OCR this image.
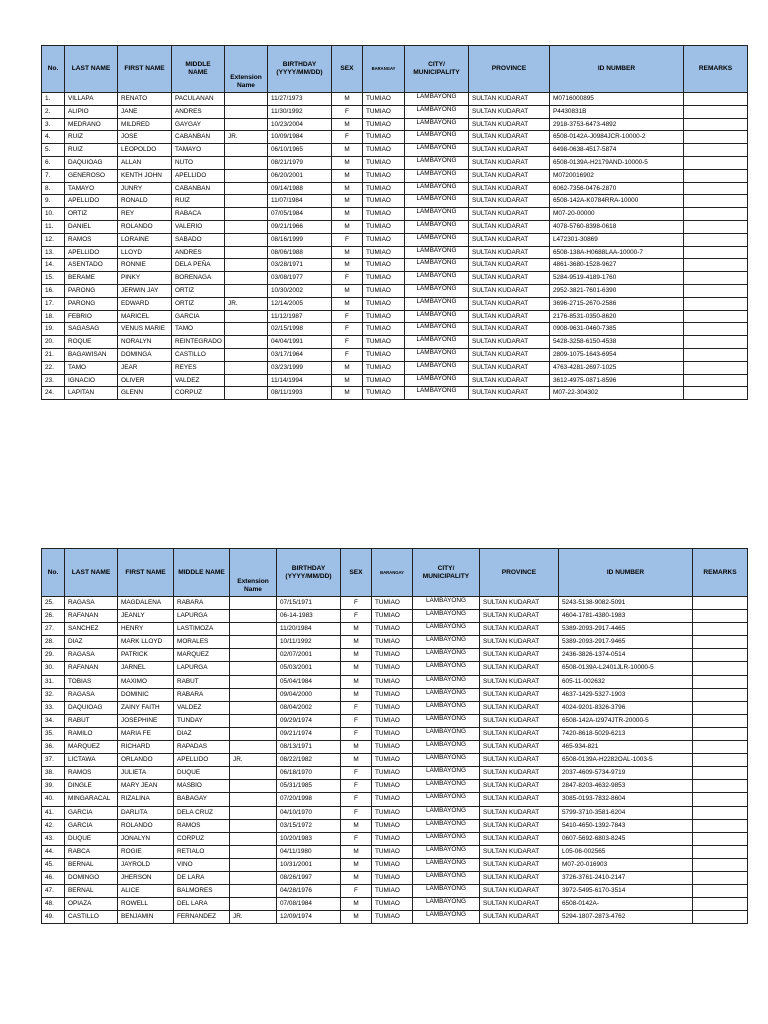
No.	LAST NAME	FIRST NAME	MIDDLE NAME	Extension Name	BIRTHDAY (YYYY/MM/DD)	SEX	BARANGAY	CITY/ MUNICIPALITY	PROVINCE	ID NUMBER	REMARKS
1.	VILLAPA	RENATO	PACULANAN		11/27/1973	M	TUMIAO	LAMBAYONG	SULTAN KUDARAT	M0716000895	
2.	ALIPIO	JANE	ANDRES		11/30/1992	F	TUMIAO	LAMBAYONG	SULTAN KUDARAT	P4430831B	
3.	MEDRANO	MILDRED	GAYGAY		10/23/2004	M	TUMIAO	LAMBAYONG	SULTAN KUDARAT	2918-3753-6473-4892	
4.	RUIZ	JOSE	CABANBAN	JR.	10/09/1984	F	TUMIAO	LAMBAYONG	SULTAN KUDARAT	6508-0142A-J0984JCR-10000-2	
5.	RUIZ	LEOPOLDO	TAMAYO		06/10/1965	M	TUMIAO	LAMBAYONG	SULTAN KUDARAT	6498-0638-4517-5874	
6.	DAQUIOAG	ALLAN	NUTO		08/21/1979	M	TUMIAO	LAMBAYONG	SULTAN KUDARAT	6508-0139A-H2179AND-10000-5	
7.	GENEROSO	KENTH JOHN	APELLIDO		06/20/2001	M	TUMIAO	LAMBAYONG	SULTAN KUDARAT	M0720016902	
8.	TAMAYO	JUNRY	CABANBAN		09/14/1988	M	TUMIAO	LAMBAYONG	SULTAN KUDARAT	6062-7356-0476-2870	
9.	APELLIDO	RONALD	RUIZ		11/07/1984	M	TUMIAO	LAMBAYONG	SULTAN KUDARAT	6508-142A-K0784RRA-10000	
10.	ORTIZ	REY	RABACA		07/05/1984	M	TUMIAO	LAMBAYONG	SULTAN KUDARAT	M07-20-00000	
11.	DANIEL	ROLANDO	VALERIO		09/21/1966	M	TUMIAO	LAMBAYONG	SULTAN KUDARAT	4078-5760-8398-0618	
12.	RAMOS	LORAINE	SABADO		08/16/1999	F	TUMIAO	LAMBAYONG	SULTAN KUDARAT	L472301-30869	
13.	APELLIDO	LLOYD	ANDRES		08/06/1988	M	TUMIAO	LAMBAYONG	SULTAN KUDARAT	6508-138A-H0688LAA-10000-7	
14.	ASENTADO	RONNIE	DELA PEÑA		03/28/1971	M	TUMIAO	LAMBAYONG	SULTAN KUDARAT	4861-3680-1528-9627	
15.	BERAME	PINKY	BORENAGA		03/08/1977	F	TUMIAO	LAMBAYONG	SULTAN KUDARAT	5284-9519-4189-1760	
16.	PARONG	JERWIN JAY	ORTIZ		10/30/2002	M	TUMIAO	LAMBAYONG	SULTAN KUDARAT	2952-3821-7601-6390	
17.	PARONG	EDWARD	ORTIZ	JR.	12/14/2005	M	TUMIAO	LAMBAYONG	SULTAN KUDARAT	3696-2715-2670-2586	
18.	FEBRIO	MARICEL	GARCIA		11/12/1987	F	TUMIAO	LAMBAYONG	SULTAN KUDARAT	2176-8531-0350-8620	
19.	SAGASAG	VENUS MARIE	TAMO		02/15/1998	F	TUMIAO	LAMBAYONG	SULTAN KUDARAT	0908-9631-0460-7385	
20.	ROQUE	NORALYN	REINTEGRADO		04/04/1991	F	TUMIAO	LAMBAYONG	SULTAN KUDARAT	5428-3258-6150-4538	
21.	BAGAWISAN	DOMINGA	CASTILLO		03/17/1964	F	TUMIAO	LAMBAYONG	SULTAN KUDARAT	2809-1075-1643-6954	
22.	TAMO	JEAR	REYES		03/23/1999	M	TUMIAO	LAMBAYONG	SULTAN KUDARAT	4763-4281-2697-1025	
23.	IGNACIO	OLIVER	VALDEZ		11/14/1994	M	TUMIAO	LAMBAYONG	SULTAN KUDARAT	3612-4975-0871-8596	
24.	LAPITAN	GLENN	CORPUZ		08/11/1993	M	TUMIAO	LAMBAYONG	SULTAN KUDARAT	M07-22-304302	
No.	LAST NAME	FIRST NAME	MIDDLE NAME	Extension Name	BIRTHDAY (YYYY/MM/DD)	SEX	BARANGAY	CITY/ MUNICIPALITY	PROVINCE	ID NUMBER	REMARKS
25.	RAGASA	MAGDALENA	RABARA		07/15/1971	F	TUMIAO	LAMBAYONG	SULTAN KUDARAT	5243-5138-9082-5091	
26.	RAFANAN	JEANLY	LAPURGA		06-14-1983	F	TUMIAO	LAMBAYONG	SULTAN KUDARAT	4604-1781-4380-1983	
27.	SANCHEZ	HENRY	LASTIMOZA		11/20/1984	M	TUMIAO	LAMBAYONG	SULTAN KUDARAT	5389-2093-2917-4465	
28.	DIAZ	MARK LLOYD	MORALES		10/11/1992	M	TUMIAO	LAMBAYONG	SULTAN KUDARAT	5389-2093-2917-9465	
29.	RAGASA	PATRICK	MARQUEZ		02/07/2001	M	TUMIAO	LAMBAYONG	SULTAN KUDARAT	2436-3826-1374-0514	
30.	RAFANAN	JARNEL	LAPURGA		05/03/2001	M	TUMIAO	LAMBAYONG	SULTAN KUDARAT	6508-0139A-L2401JLR-10000-5	
31.	TOBIAS	MAXIMO	RABUT		05/04/1984	M	TUMIAO	LAMBAYONG	SULTAN KUDARAT	605-11-002632	
32.	RAGASA	DOMINIC	RABARA		09/04/2000	M	TUMIAO	LAMBAYONG	SULTAN KUDARAT	4637-1429-5327-1903	
33.	DAQUIOAG	ZAINY FAITH	VALDEZ		08/04/2002	F	TUMIAO	LAMBAYONG	SULTAN KUDARAT	4024-9201-8326-3796	
34.	RABUT	JOSEPHINE	TUNDAY		09/29/1974	F	TUMIAO	LAMBAYONG	SULTAN KUDARAT	6508-142A-I2974JTR-20000-5	
35.	RAMILO	MARIA FE	DIAZ		09/21/1974	F	TUMIAO	LAMBAYONG	SULTAN KUDARAT	7420-8618-5029-6213	
36.	MARQUEZ	RICHARD	RAPADAS		08/13/1971	M	TUMIAO	LAMBAYONG	SULTAN KUDARAT	465-934-821	
37.	LICTAWA	ORLANDO	APELLIDO	JR.	08/22/1982	M	TUMIAO	LAMBAYONG	SULTAN KUDARAT	6508-0139A-H2282OAL-1003-5	
38.	RAMOS	JULIETA	DUQUE		06/18/1970	F	TUMIAO	LAMBAYONG	SULTAN KUDARAT	2037-4609-5734-9719	
39.	DINGLE	MARY JEAN	MASBIO		05/31/1985	F	TUMIAO	LAMBAYONG	SULTAN KUDARAT	2847-8203-4632-9853	
40.	MINGARACAL	RIZALINA	BABAGAY		07/20/1998	F	TUMIAO	LAMBAYONG	SULTAN KUDARAT	3085-0193-7832-8604	
41.	GARCIA	DARLITA	DELA CRUZ		04/10/1970	F	TUMIAO	LAMBAYONG	SULTAN KUDARAT	5799-3710-3581-6204	
42.	GARCIA	ROLANDO	RAMOS		03/15/1972	M	TUMIAO	LAMBAYONG	SULTAN KUDARAT	5410-4650-1392-7843	
43.	DUQUE	JONALYN	CORPUZ		10/20/1983	F	TUMIAO	LAMBAYONG	SULTAN KUDARAT	0607-5692-6803-8245	
44.	RABCA	ROGIE	RETIALO		04/11/1980	M	TUMIAO	LAMBAYONG	SULTAN KUDARAT	L05-06-002565	
45.	BERNAL	JAYROLD	VINO		10/31/2001	M	TUMIAO	LAMBAYONG	SULTAN KUDARAT	M07-20-016903	
46.	DOMINGO	JHERSON	DE LARA		08/26/1997	M	TUMIAO	LAMBAYONG	SULTAN KUDARAT	3726-3761-2410-2147	
47.	BERNAL	ALICE	BALMORES		04/28/1976	F	TUMIAO	LAMBAYONG	SULTAN KUDARAT	3972-5495-6170-3514	
48.	OPIAZA	ROWELL	DEL LARA		07/08/1984	M	TUMIAO	LAMBAYONG	SULTAN KUDARAT	6508-0142A-	
49.	CASTILLO	BENJAMIN	FERNANDEZ	JR.	12/09/1974	M	TUMIAO	LAMBAYONG	SULTAN KUDARAT	5294-1807-2873-4762	
